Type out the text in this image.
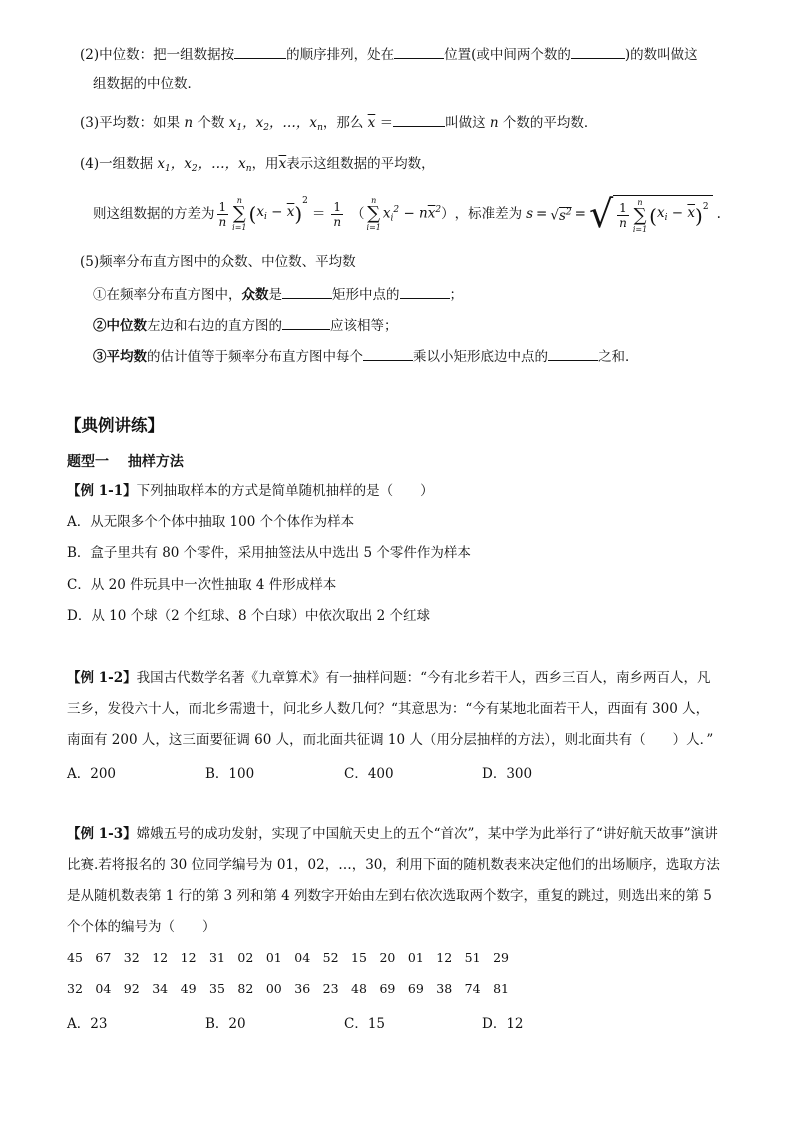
(2)中位数：把一组数据按	的顺序排列，处在	位置(或中间两个数的	)的数叫做这
组数据的中位数．
(3)平均数：如果 n 个数 $x_1$，$x_2$，…，$x_n$，那么 $\overline{x}$ ＝	叫做这 n 个数的平均数．
(4)一组数据 $x_1$，$x_2$，…，$x_n$，用$\overline{x}$表示这组数据的平均数，
则这组数据的方差为 $\frac{1}{n}$ n
∑
i=1
( $x_i - \overline{x}$ )
$^2$
＝ $\frac{1}{n}$ （
n
∑
i=1
$x_i^2 - n\overline{x}^2$ ） ，标准差为 $s = √s^2$ = √ $\frac{1}{n}$ n
∑
i=1
( $x_i - \overline{x}$ )$^2$ .
(5)频率分布直方图中的众数、中位数、平均数
①在频率分布直方图中，众数是	矩形中点的	；
②中位数左边和右边的直方图的	应该相等；
③平均数的估计值等于频率分布直方图中每个	乘以小矩形底边中点的	之和．
【典例讲练】
题型一　 抽样方法
【例 1-1】下列抽取样本的方式是简单随机抽样的是（　　）
A．从无限多个个体中抽取 100 个个体作为样本
B．盒子里共有 80 个零件，采用抽签法从中选出 5 个零件作为样本
C．从 20 件玩具中一次性抽取 4 件形成样本
D．从 10 个球（2 个红球、8 个白球）中依次取出 2 个红球
【例 1-2】我国古代数学名著《九章算术》有一抽样问题：“今有北乡若干人，西乡三百人，南乡两百人，凡
三乡，发役六十人，而北乡需遗十，问北乡人数几何？“其意思为：“今有某地北面若干人，西面有 300 人，
南面有 200 人，这三面要征调 60 人，而北面共征调 10 人（用分层抽样的方法），则北面共有（　　）人．”
A．200	B．100	C．400	D．300
【例 1-3】嫦娥五号的成功发射，实现了中国航天史上的五个“首次”，某中学为此举行了“讲好航天故事”演讲
比赛.若将报名的 30 位同学编号为 01，02，…，30，利用下面的随机数表来决定他们的出场顺序，选取方法
是从随机数表第 1 行的第 3 列和第 4 列数字开始由左到右依次选取两个数字，重复的跳过，则选出来的第 5
个个体的编号为（　　）
45　67　32　12　12　31　02　01　04　52　15　20　01　12　51　29
32　04　92　34　49　35　82　00　36　23　48　69　69　38　74　81
A．23	B．20	C．15	D．12
